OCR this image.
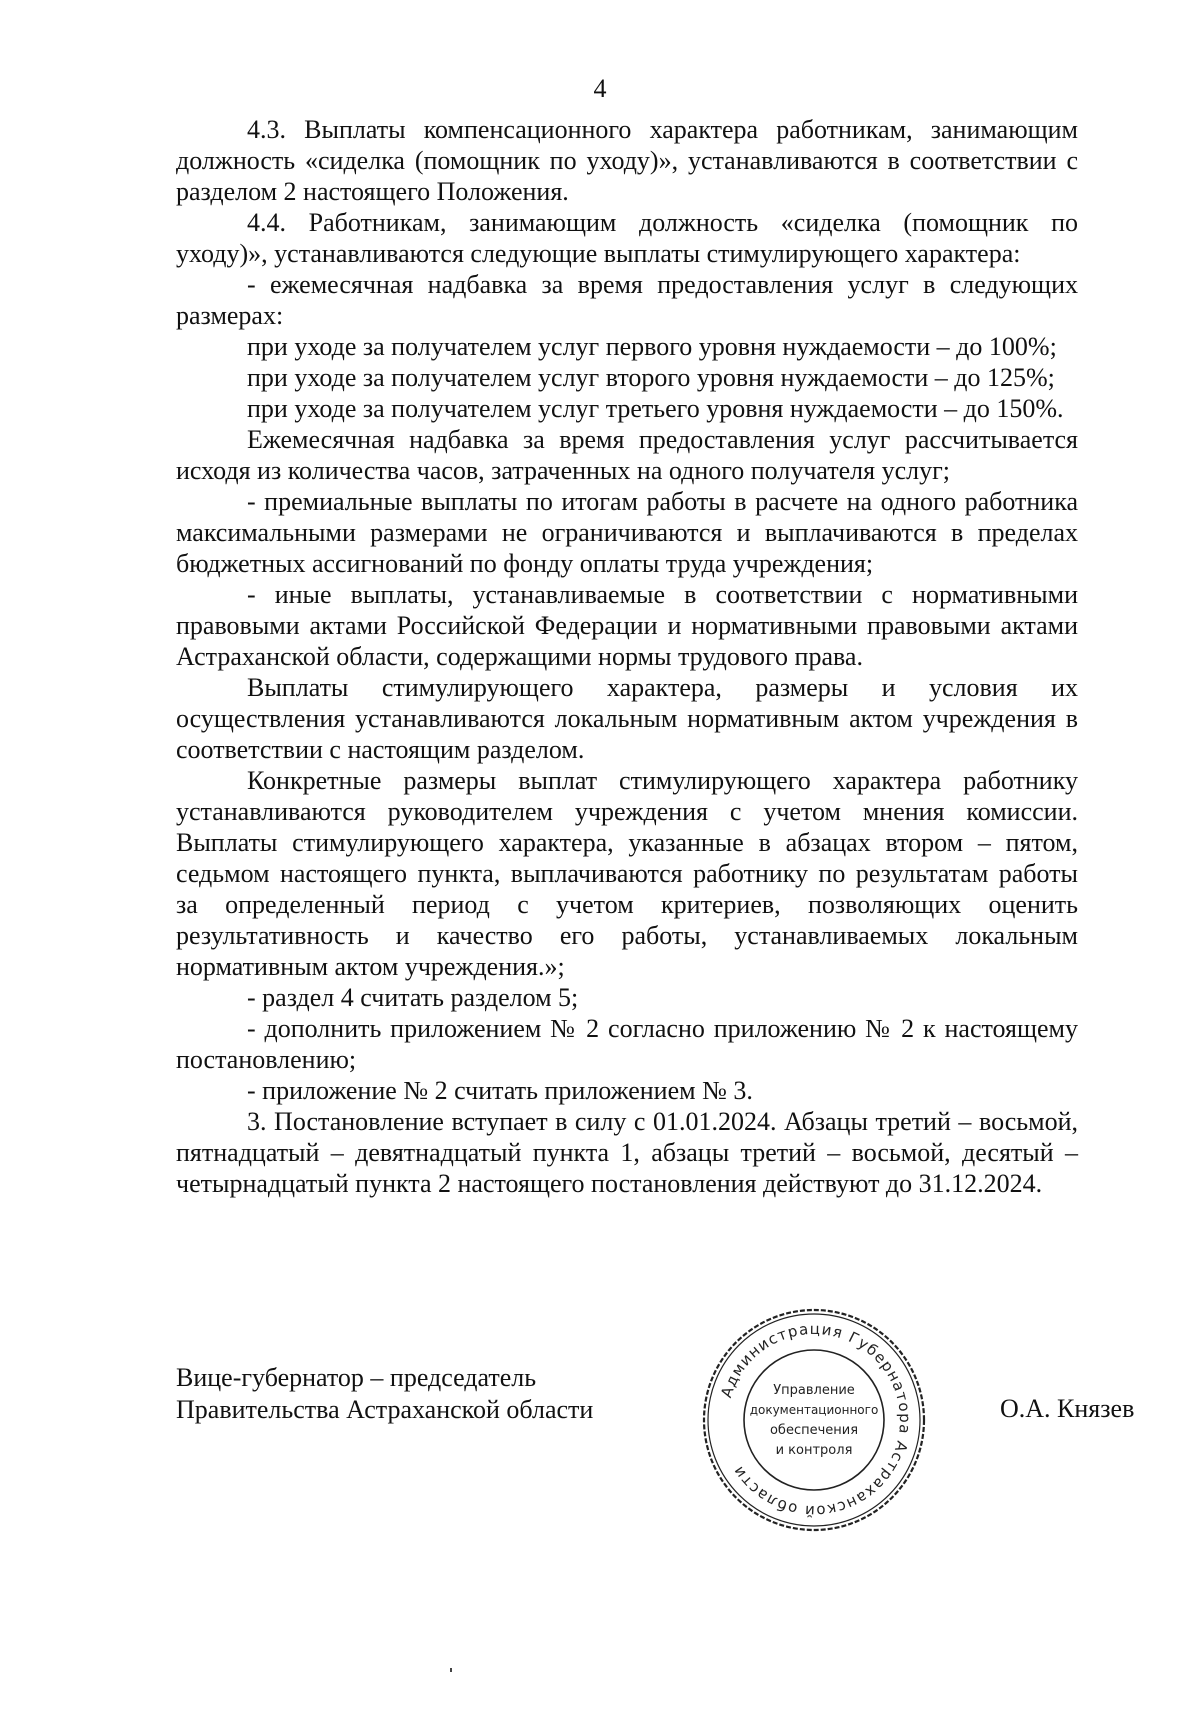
4

4.3. Выплаты компенсационного характера работникам, занимающим должность «сиделка (помощник по уходу)», устанавливаются в соответствии с разделом 2 настоящего Положения.

4.4. Работникам, занимающим должность «сиделка (помощник по уходу)», устанавливаются следующие выплаты стимулирующего характера:

- ежемесячная надбавка за время предоставления услуг в следующих размерах:

при уходе за получателем услуг первого уровня нуждаемости – до 100%;

при уходе за получателем услуг второго уровня нуждаемости – до 125%;

при уходе за получателем услуг третьего уровня нуждаемости – до 150%.

Ежемесячная надбавка за время предоставления услуг рассчитывается исходя из количества часов, затраченных на одного получателя услуг;

- премиальные выплаты по итогам работы в расчете на одного работника максимальными размерами не ограничиваются и выплачиваются в пределах бюджетных ассигнований по фонду оплаты труда учреждения;

- иные выплаты, устанавливаемые в соответствии с нормативными правовыми актами Российской Федерации и нормативными правовыми актами Астраханской области, содержащими нормы трудового права.

Выплаты стимулирующего характера, размеры и условия их осуществления устанавливаются локальным нормативным актом учреждения в соответствии с настоящим разделом.

Конкретные размеры выплат стимулирующего характера работнику устанавливаются руководителем учреждения с учетом мнения комиссии. Выплаты стимулирующего характера, указанные в абзацах втором – пятом, седьмом настоящего пункта, выплачиваются работнику по результатам работы за определенный период с учетом критериев, позволяющих оценить результативность и качество его работы, устанавливаемых локальным нормативным актом учреждения.»;

- раздел 4 считать разделом 5;

- дополнить приложением № 2 согласно приложению № 2 к настоящему постановлению;

- приложение № 2 считать приложением № 3.

3. Постановление вступает в силу с 01.01.2024. Абзацы третий – восьмой, пятнадцатый – девятнадцатый пункта 1, абзацы третий – восьмой, десятый – четырнадцатый пункта 2 настоящего постановления действуют до 31.12.2024.

Вице-губернатор – председатель
Правительства Астраханской области
Администрация Губернатора Астраханской области
Управление
документационного
обеспечения
и контроля
О.А. Князев
